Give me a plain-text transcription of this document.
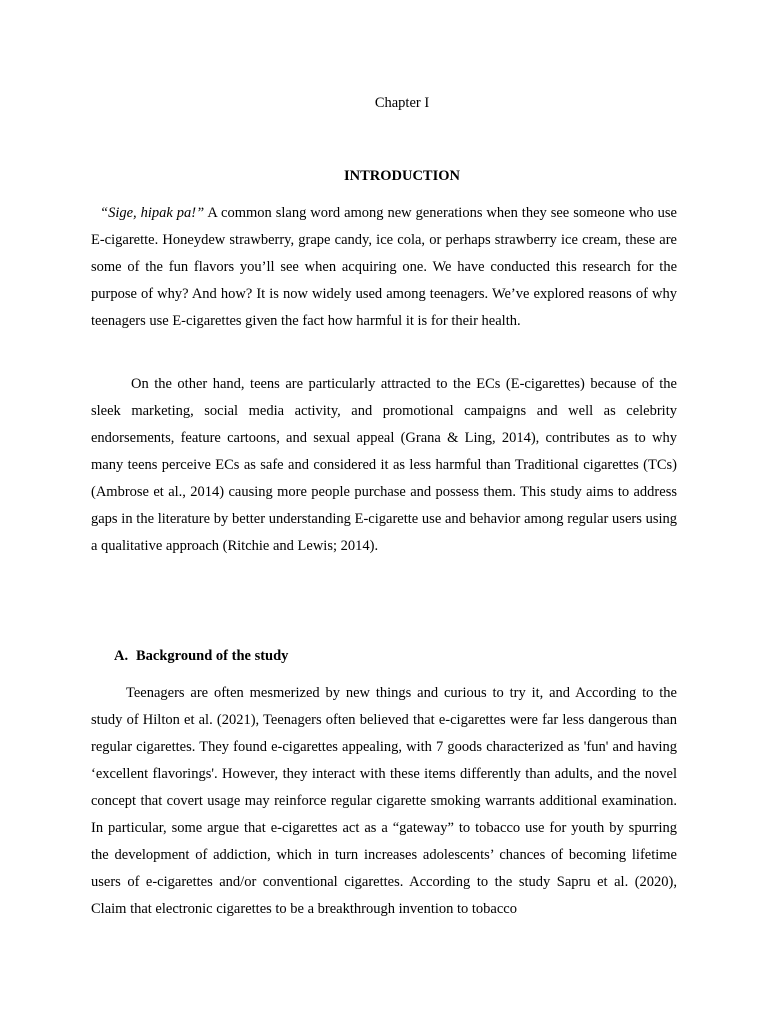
Chapter I
INTRODUCTION

“Sige, hipak pa!” A common slang word among new generations when they see someone who use E-cigarette. Honeydew strawberry, grape candy, ice cola, or perhaps strawberry ice cream, these are some of the fun flavors you’ll see when acquiring one. We have conducted this research for the purpose of why? And how? It is now widely used among teenagers. We’ve explored reasons of why teenagers use E-cigarettes given the fact how harmful it is for their health.

On the other hand, teens are particularly attracted to the ECs (E-cigarettes) because of the sleek marketing, social media activity, and promotional campaigns and well as celebrity endorsements, feature cartoons, and sexual appeal (Grana & Ling, 2014), contributes as to why many teens perceive ECs as safe and considered it as less harmful than Traditional cigarettes (TCs) (Ambrose et al., 2014) causing more people purchase and possess them. This study aims to address gaps in the literature by better understanding E-cigarette use and behavior among regular users using a qualitative approach (Ritchie and Lewis; 2014).

A. Background of the study

Teenagers are often mesmerized by new things and curious to try it, and According to the study of Hilton et al. (2021), Teenagers often believed that e-cigarettes were far less dangerous than regular cigarettes. They found e-cigarettes appealing, with 7 goods characterized as 'fun' and having ‘excellent flavorings'. However, they interact with these items differently than adults, and the novel concept that covert usage may reinforce regular cigarette smoking warrants additional examination. In particular, some argue that e-cigarettes act as a “gateway” to tobacco use for youth by spurring the development of addiction, which in turn increases adolescents’ chances of becoming lifetime users of e-cigarettes and/or conventional cigarettes. According to the study Sapru et al. (2020), Claim that electronic cigarettes to be a breakthrough invention to tobacco
